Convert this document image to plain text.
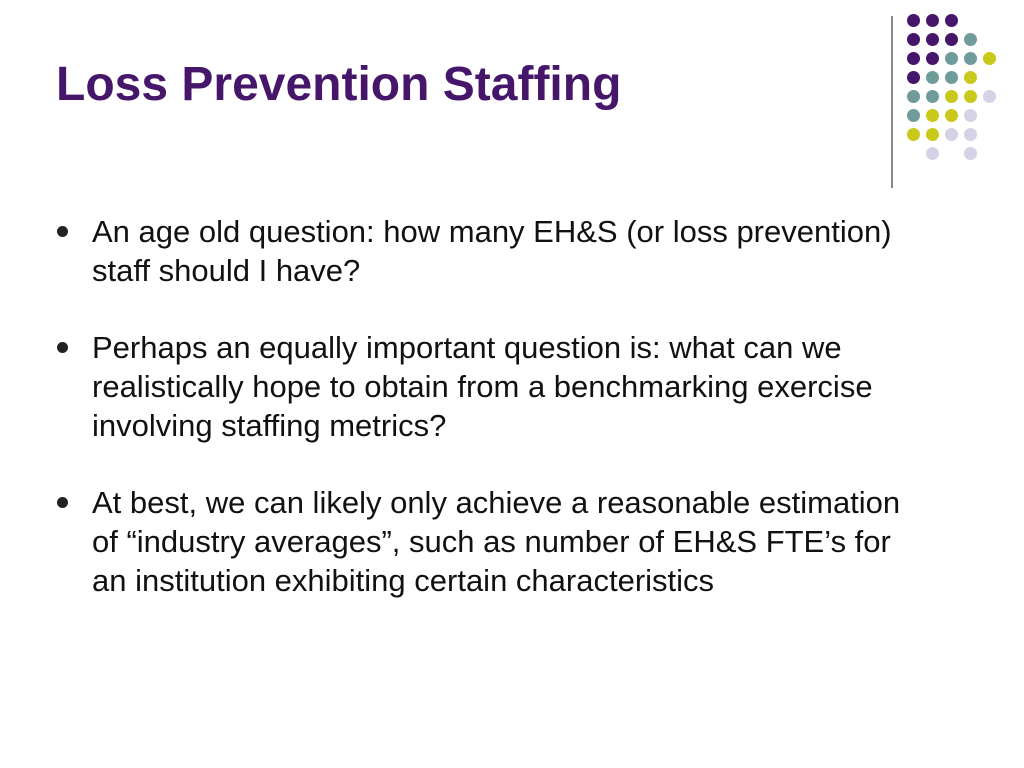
Loss Prevention Staffing
An age old question: how many EH&S (or loss prevention) staff should I have?
Perhaps an equally important question is: what can we realistically hope to obtain from a benchmarking exercise involving staffing metrics?
At best, we can likely only achieve a reasonable estimation of “industry averages”, such as number of EH&S FTE’s for an institution exhibiting certain characteristics
